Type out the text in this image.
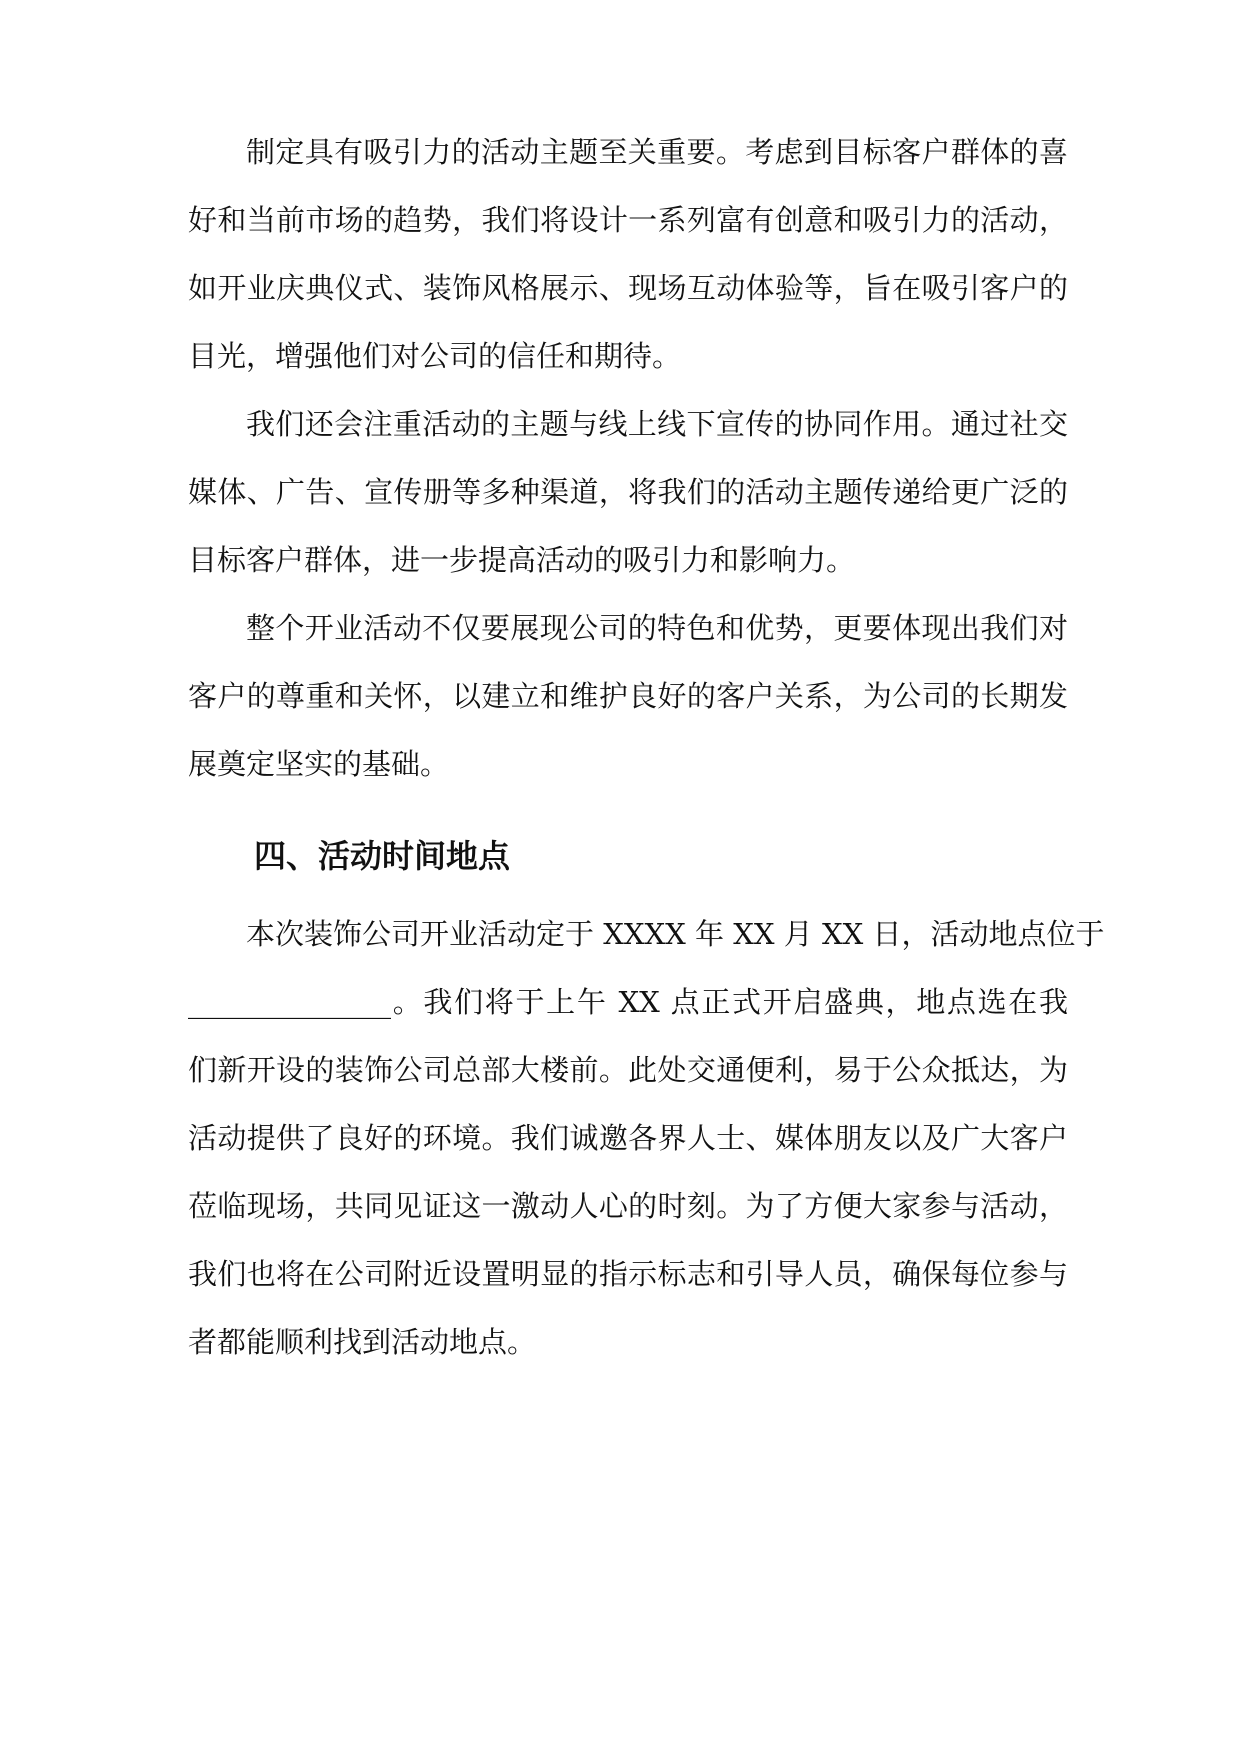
制定具有吸引力的活动主题至关重要。考虑到目标客户群体的喜
好和当前市场的趋势，我们将设计一系列富有创意和吸引力的活动，
如开业庆典仪式、装饰风格展示、现场互动体验等，旨在吸引客户的
目光，增强他们对公司的信任和期待。
我们还会注重活动的主题与线上线下宣传的协同作用。通过社交
媒体、广告、宣传册等多种渠道，将我们的活动主题传递给更广泛的
目标客户群体，进一步提高活动的吸引力和影响力。
整个开业活动不仅要展现公司的特色和优势，更要体现出我们对
客户的尊重和关怀，以建立和维护良好的客户关系，为公司的长期发
展奠定坚实的基础。
四、活动时间地点
本次装饰公司开业活动定于 XXXX 年 XX 月 XX 日，活动地点位于
______________。我们将于上午 XX 点正式开启盛典，地点选在我
们新开设的装饰公司总部大楼前。此处交通便利，易于公众抵达，为
活动提供了良好的环境。我们诚邀各界人士、媒体朋友以及广大客户
莅临现场，共同见证这一激动人心的时刻。为了方便大家参与活动，
我们也将在公司附近设置明显的指示标志和引导人员，确保每位参与
者都能顺利找到活动地点。
